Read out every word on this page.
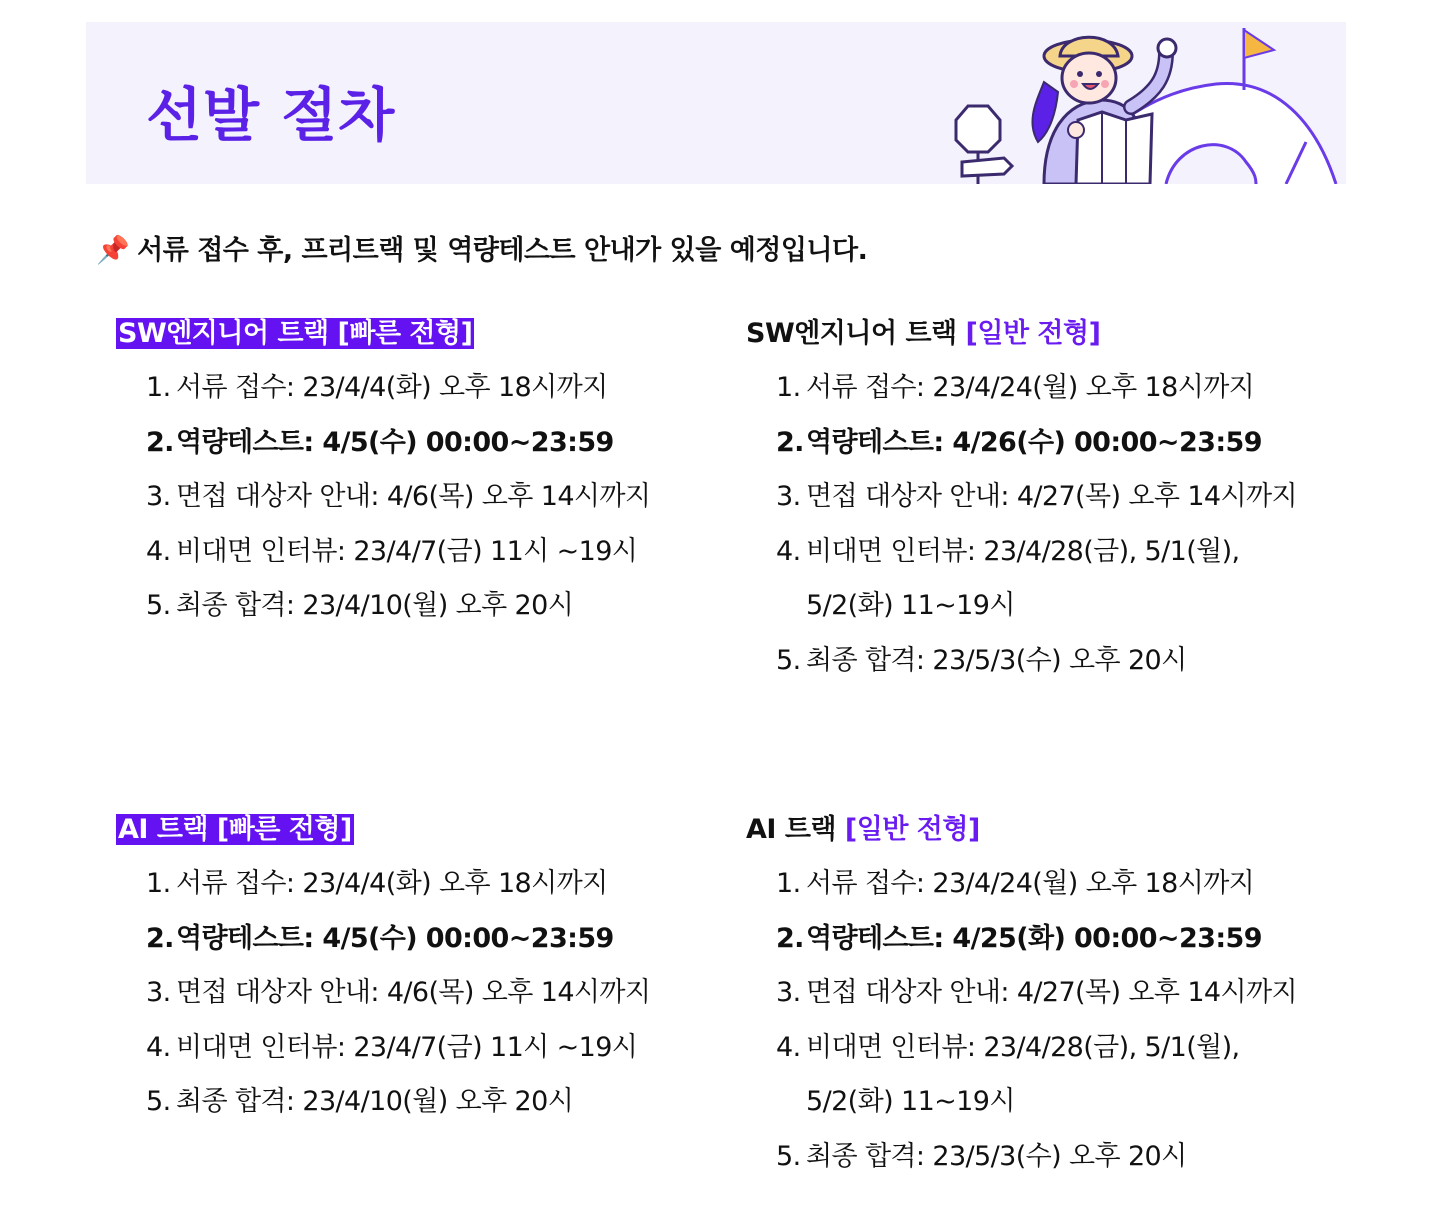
선발 절차
📌 서류 접수 후, 프리트랙 및 역량테스트 안내가 있을 예정입니다.
SW엔지니어 트랙 [빠른 전형]
1. 서류 접수: 23/4/4(화) 오후 18시까지
2.역량테스트: 4/5(수) 00:00~23:59
3. 면접 대상자 안내: 4/6(목) 오후 14시까지
4. 비대면 인터뷰: 23/4/7(금) 11시 ~19시
5. 최종 합격: 23/4/10(월) 오후 20시
SW엔지니어 트랙 [일반 전형]
1. 서류 접수: 23/4/24(월) 오후 18시까지
2.역량테스트: 4/26(수) 00:00~23:59
3. 면접 대상자 안내: 4/27(목) 오후 14시까지
4. 비대면 인터뷰: 23/4/28(금), 5/1(월),
5/2(화) 11~19시
5. 최종 합격: 23/5/3(수) 오후 20시
AI 트랙 [빠른 전형]
1. 서류 접수: 23/4/4(화) 오후 18시까지
2.역량테스트: 4/5(수) 00:00~23:59
3. 면접 대상자 안내: 4/6(목) 오후 14시까지
4. 비대면 인터뷰: 23/4/7(금) 11시 ~19시
5. 최종 합격: 23/4/10(월) 오후 20시
AI 트랙 [일반 전형]
1. 서류 접수: 23/4/24(월) 오후 18시까지
2.역량테스트: 4/25(화) 00:00~23:59
3. 면접 대상자 안내: 4/27(목) 오후 14시까지
4. 비대면 인터뷰: 23/4/28(금), 5/1(월),
5/2(화) 11~19시
5. 최종 합격: 23/5/3(수) 오후 20시
